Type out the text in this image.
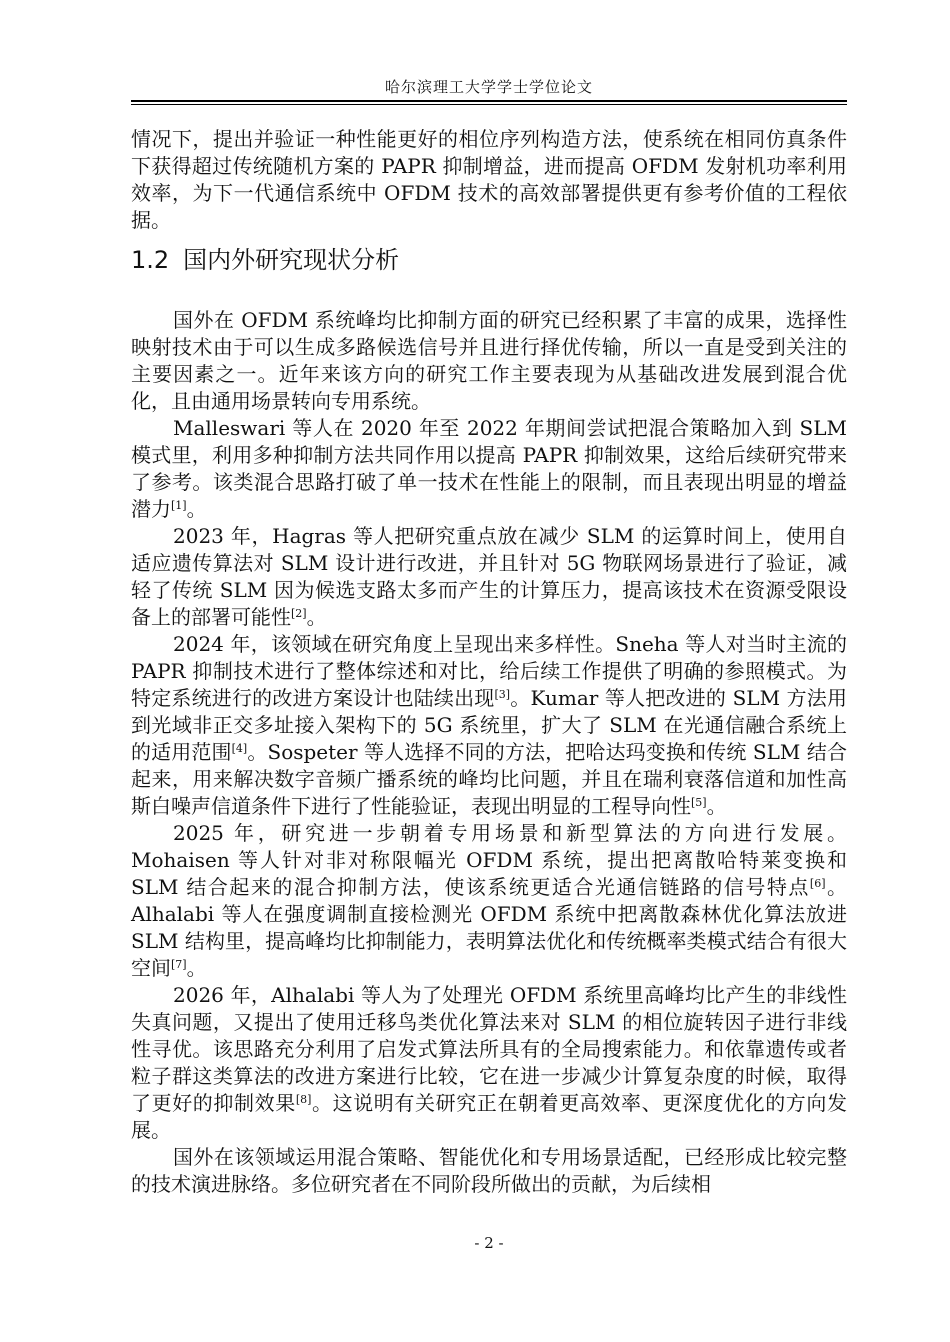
哈尔滨理工大学学士学位论文

情况下，提出并验证一种性能更好的相位序列构造方法，使系统在相同仿真条件下获得超过传统随机方案的 PAPR 抑制增益，进而提高 OFDM 发射机功率利用效率，为下一代通信系统中 OFDM 技术的高效部署提供更有参考价值的工程依据。

1.2 国内外研究现状分析

国外在 OFDM 系统峰均比抑制方面的研究已经积累了丰富的成果，选择性映射技术由于可以生成多路候选信号并且进行择优传输，所以一直是受到关注的主要因素之一。近年来该方向的研究工作主要表现为从基础改进发展到混合优化，且由通用场景转向专用系统。

Malleswari 等人在 2020 年至 2022 年期间尝试把混合策略加入到 SLM 模式里，利用多种抑制方法共同作用以提高 PAPR 抑制效果，这给后续研究带来了参考。该类混合思路打破了单一技术在性能上的限制，而且表现出明显的增益潜力[1]。

2023 年，Hagras 等人把研究重点放在减少 SLM 的运算时间上，使用自适应遗传算法对 SLM 设计进行改进，并且针对 5G 物联网场景进行了验证，减轻了传统 SLM 因为候选支路太多而产生的计算压力，提高该技术在资源受限设备上的部署可能性[2]。

2024 年，该领域在研究角度上呈现出来多样性。Sneha 等人对当时主流的 PAPR 抑制技术进行了整体综述和对比，给后续工作提供了明确的参照模式。为特定系统进行的改进方案设计也陆续出现[3]。Kumar 等人把改进的 SLM 方法用到光域非正交多址接入架构下的 5G 系统里，扩大了 SLM 在光通信融合系统上的适用范围[4]。Sospeter 等人选择不同的方法，把哈达玛变换和传统 SLM 结合起来，用来解决数字音频广播系统的峰均比问题，并且在瑞利衰落信道和加性高斯白噪声信道条件下进行了性能验证，表现出明显的工程导向性[5]。

2025 年，研究进一步朝着专用场景和新型算法的方向进行发展。Mohaisen 等人针对非对称限幅光 OFDM 系统，提出把离散哈特莱变换和 SLM 结合起来的混合抑制方法，使该系统更适合光通信链路的信号特点[6]。Alhalabi 等人在强度调制直接检测光 OFDM 系统中把离散森林优化算法放进 SLM 结构里，提高峰均比抑制能力，表明算法优化和传统概率类模式结合有很大空间[7]。

2026 年，Alhalabi 等人为了处理光 OFDM 系统里高峰均比产生的非线性失真问题，又提出了使用迁移鸟类优化算法来对 SLM 的相位旋转因子进行非线性寻优。该思路充分利用了启发式算法所具有的全局搜索能力。和依靠遗传或者粒子群这类算法的改进方案进行比较，它在进一步减少计算复杂度的时候，取得了更好的抑制效果[8]。这说明有关研究正在朝着更高效率、更深度优化的方向发展。

国外在该领域运用混合策略、智能优化和专用场景适配，已经形成比较完整的技术演进脉络。多位研究者在不同阶段所做出的贡献，为后续相

- 2 -
